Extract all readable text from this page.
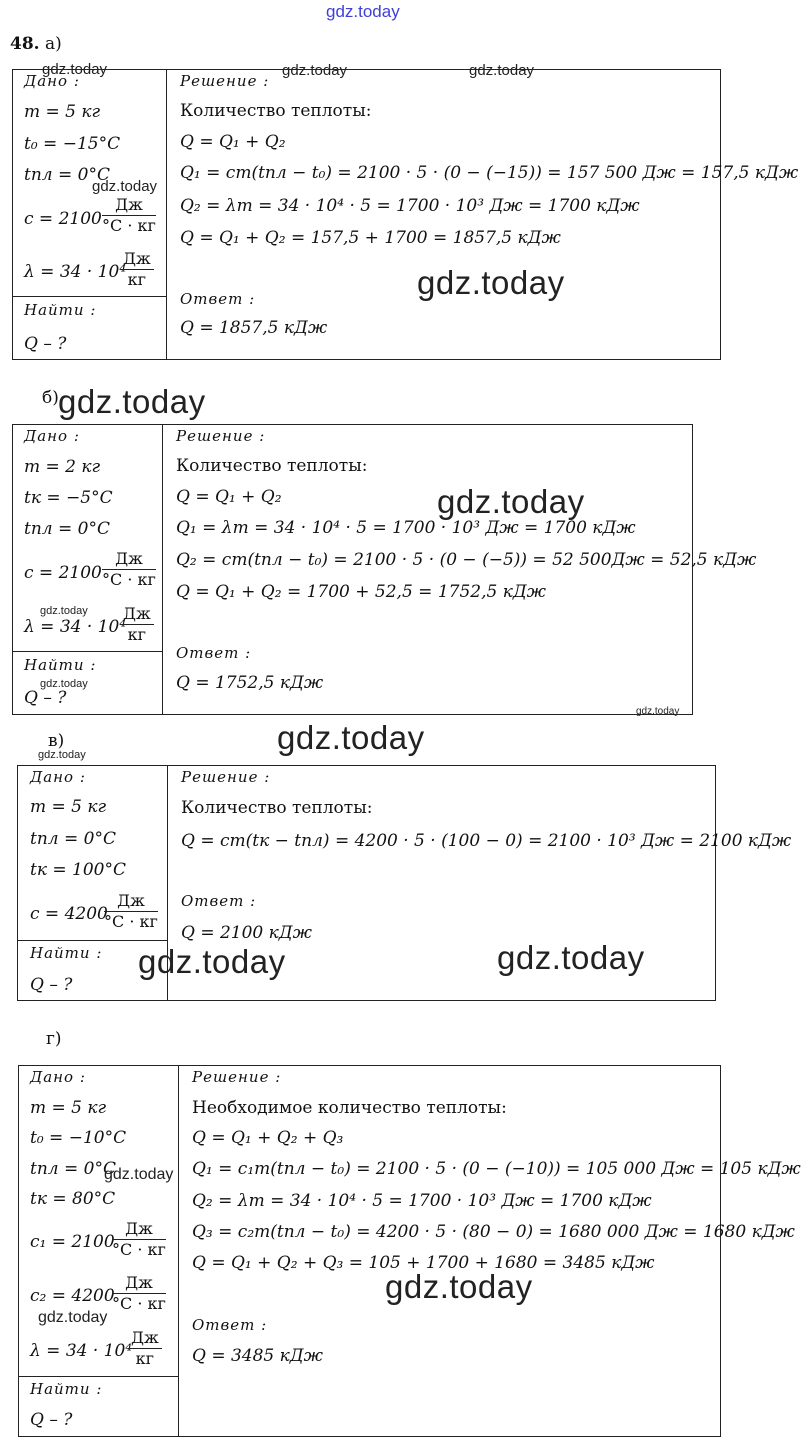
gdz.today
48. а)
Дано :
m = 5 кг
t₀ = −15°C
tпл = 0°C
c = 2100
Дж
°C · кг
λ = 34 · 10⁴
Дж
кг
Найти :
Q – ?
Решение :
Количество теплоты:
Q = Q₁ + Q₂
Q₁ = cm(tпл − t₀) = 2100 · 5 · (0 − (−15)) = 157 500 Дж = 157,5 кДж
Q₂ = λm = 34 · 10⁴ · 5 = 1700 · 10³ Дж = 1700 кДж
Q = Q₁ + Q₂ = 157,5 + 1700 = 1857,5 кДж
Ответ :
Q = 1857,5 кДж
gdz.today	gdz.today	gdz.today
gdz.today
gdz.today
б) gdz.today
Дано :
m = 2 кг
tк = −5°C
tпл = 0°C
c = 2100
Дж
°C · кг
λ = 34 · 10⁴
Дж
кг
Найти :
Q – ?
Решение :
Количество теплоты:
Q = Q₁ + Q₂
Q₁ = λm = 34 · 10⁴ · 5 = 1700 · 10³ Дж = 1700 кДж
Q₂ = cm(tпл − t₀) = 2100 · 5 · (0 − (−5)) = 52 500Дж = 52,5 кДж
Q = Q₁ + Q₂ = 1700 + 52,5 = 1752,5 кДж
Ответ :
Q = 1752,5 кДж
gdz.today
gdz.today
gdz.today
gdz.today
в)
gdz.today	gdz.today
Дано :
m = 5 кг
tпл = 0°C
tк = 100°C
c = 4200
Дж
°C · кг
Найти :
Q – ?
Решение :
Количество теплоты:
Q = cm(tк − tпл) = 4200 · 5 · (100 − 0) = 2100 · 10³ Дж = 2100 кДж
Ответ :
Q = 2100 кДж
gdz.today	gdz.today
г)
Дано :
m = 5 кг
t₀ = −10°C
tпл = 0°C
tк = 80°C
c₁ = 2100
Дж
°C · кг
c₂ = 4200
Дж
°C · кг
λ = 34 · 10⁴
Дж
кг
Найти :
Q – ?
Решение :
Необходимое количество теплоты:
Q = Q₁ + Q₂ + Q₃
Q₁ = c₁m(tпл − t₀) = 2100 · 5 · (0 − (−10)) = 105 000 Дж = 105 кДж
Q₂ = λm = 34 · 10⁴ · 5 = 1700 · 10³ Дж = 1700 кДж
Q₃ = c₂m(tпл − t₀) = 4200 · 5 · (80 − 0) = 1680 000 Дж = 1680 кДж
Q = Q₁ + Q₂ + Q₃ = 105 + 1700 + 1680 = 3485 кДж
Ответ :
Q = 3485 кДж
gdz.today
gdz.today
gdz.today
